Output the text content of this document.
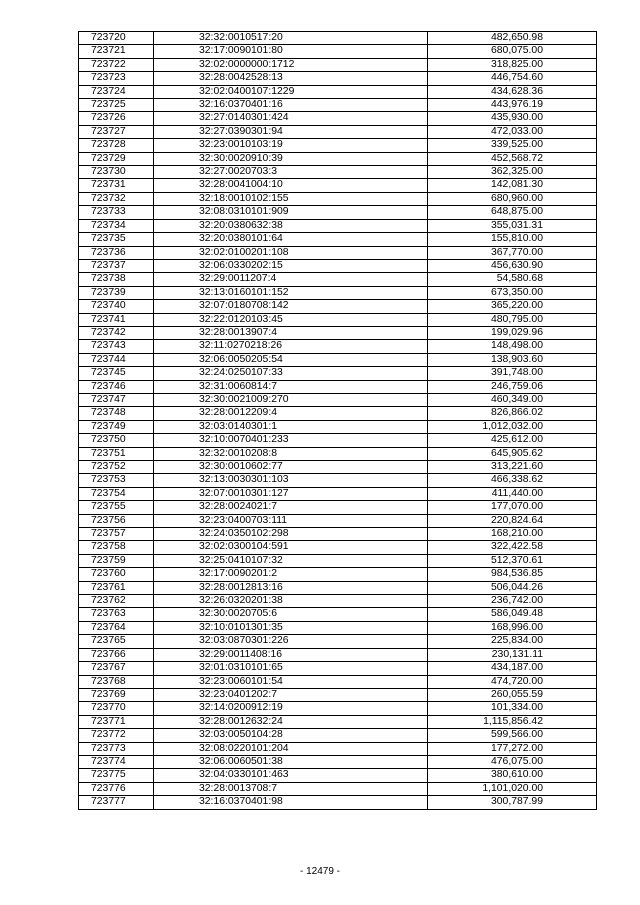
723720	32:32:0010517:20	482,650.98
723721	32:17:0090101:80	680,075.00
723722	32:02:0000000:1712	318,825.00
723723	32:28:0042528:13	446,754.60
723724	32:02:0400107:1229	434,628.36
723725	32:16:0370401:16	443,976.19
723726	32:27:0140301:424	435,930.00
723727	32:27:0390301:94	472,033.00
723728	32:23:0010103:19	339,525.00
723729	32:30:0020910:39	452,568.72
723730	32:27:0020703:3	362,325.00
723731	32:28:0041004:10	142,081.30
723732	32:18:0010102:155	680,960.00
723733	32:08:0310101:909	648,875.00
723734	32:20:0380632:38	355,031.31
723735	32:20:0380101:64	155,810.00
723736	32:02:0100201:108	367,770.00
723737	32:06:0330202:15	456,630.90
723738	32:29:0011207:4	54,580.68
723739	32:13:0160101:152	673,350.00
723740	32:07:0180708:142	365,220.00
723741	32:22:0120103:45	480,795.00
723742	32:28:0013907:4	199,029.96
723743	32:11:0270218:26	148,498.00
723744	32:06:0050205:54	138,903.60
723745	32:24:0250107:33	391,748.00
723746	32:31:0060814:7	246,759.06
723747	32:30:0021009:270	460,349.00
723748	32:28:0012209:4	826,866.02
723749	32:03:0140301:1	1,012,032.00
723750	32:10:0070401:233	425,612.00
723751	32:32:0010208:8	645,905.62
723752	32:30:0010602:77	313,221.60
723753	32:13:0030301:103	466,338.62
723754	32:07:0010301:127	411,440.00
723755	32:28:0024021:7	177,070.00
723756	32:23:0400703:111	220,824.64
723757	32:24:0350102:298	168,210.00
723758	32:02:0300104:591	322,422.58
723759	32:25:0410107:32	512,370.61
723760	32:17:0090201:2	984,536.85
723761	32:28:0012813:16	506,044.26
723762	32:26:0320201:38	236,742.00
723763	32:30:0020705:6	586,049.48
723764	32:10:0101301:35	168,996.00
723765	32:03:0870301:226	225,834.00
723766	32:29:0011408:16	230,131.11
723767	32:01:0310101:65	434,187.00
723768	32:23:0060101:54	474,720.00
723769	32:23:0401202:7	260,055.59
723770	32:14:0200912:19	101,334.00
723771	32:28:0012632:24	1,115,856.42
723772	32:03:0050104:28	599,566.00
723773	32:08:0220101:204	177,272.00
723774	32:06:0060501:38	476,075.00
723775	32:04:0330101:463	380,610.00
723776	32:28:0013708:7	1,101,020.00
723777	32:16:0370401:98	300,787.99
- 12479 -
